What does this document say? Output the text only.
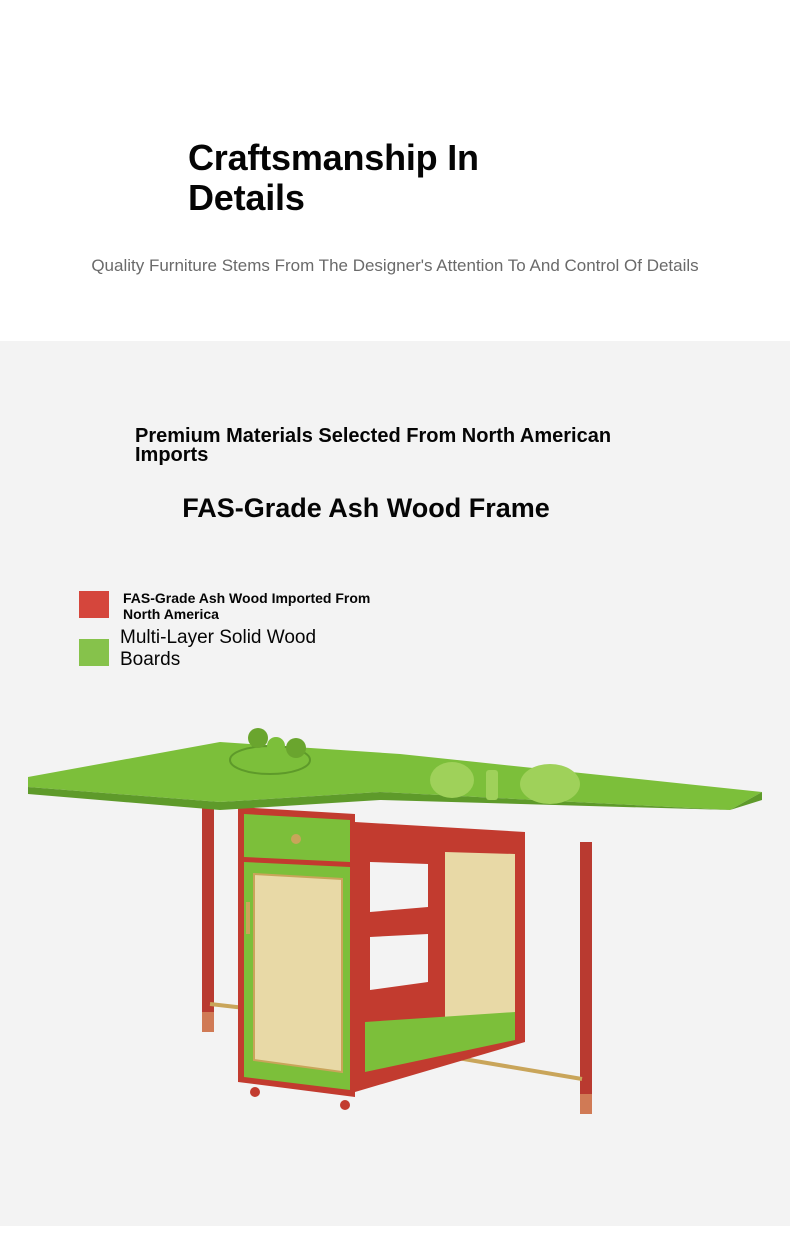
Craftsmanship In Details
Quality Furniture Stems From The Designer's Attention To And Control Of Details
Premium Materials Selected From North American Imports
FAS-Grade Ash Wood Frame
FAS-Grade Ash Wood Imported From North America
Multi-Layer Solid Wood Boards
